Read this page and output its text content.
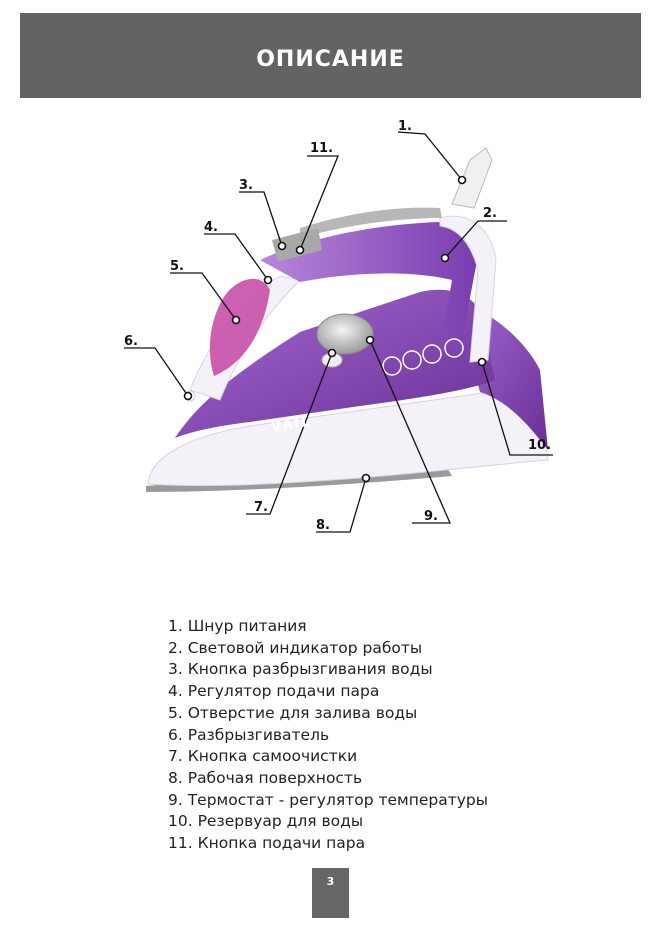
ОПИСАНИЕ
1.
2.
3.
4.
5.
6.
7.
8.
9.
10.
11.
VAIL
1. Шнур питания
2. Световой индикатор работы
3. Кнопка разбрызгивания воды
4. Регулятор подачи пара
5. Отверстие для залива воды
6. Разбрызгиватель
7. Кнопка самоочистки
8. Рабочая поверхность
9. Термостат - регулятор температуры
10. Резервуар для воды
11. Кнопка подачи пара
3
